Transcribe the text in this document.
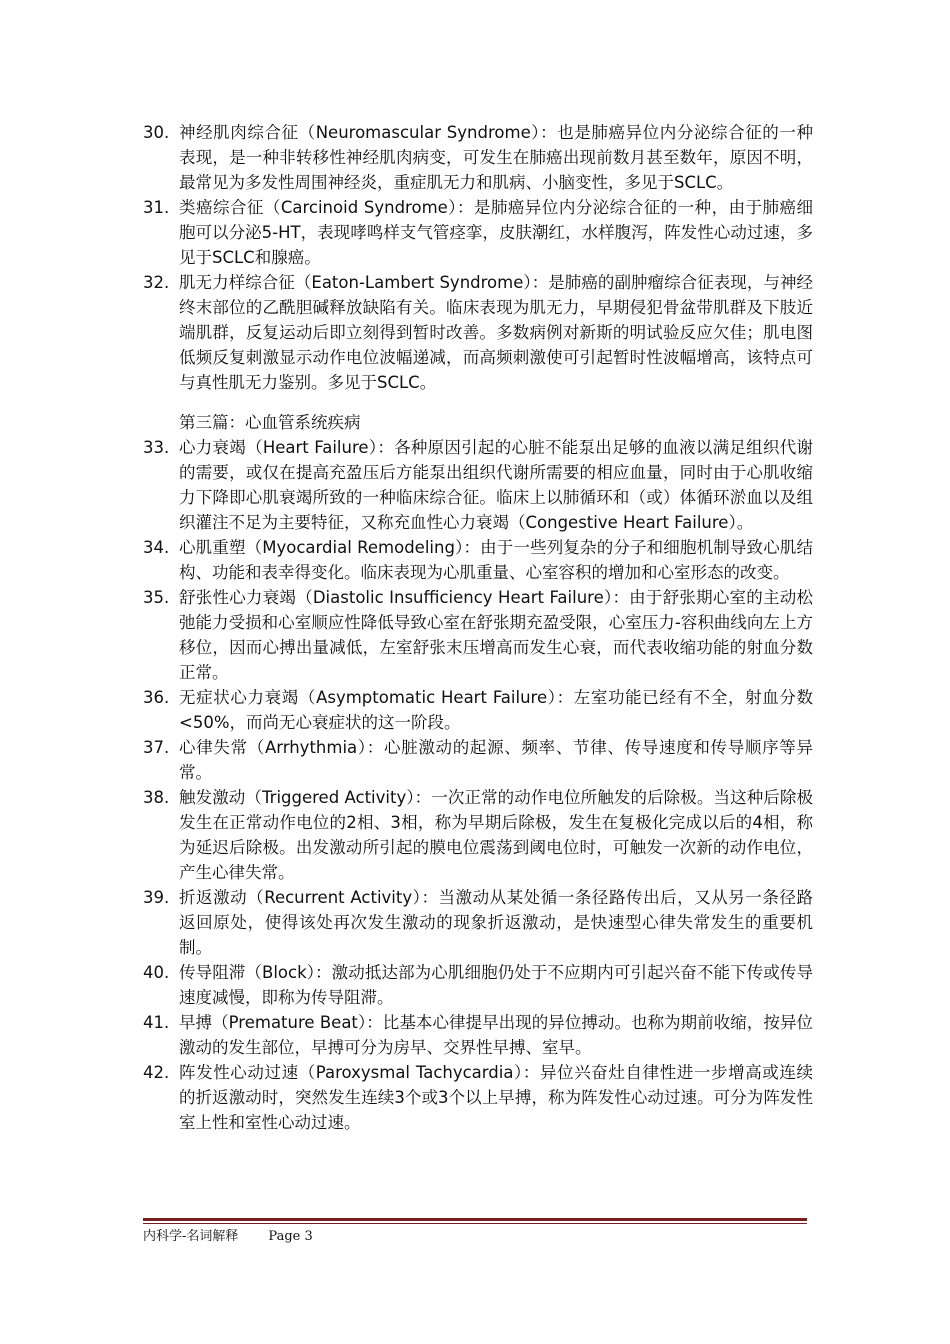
30. 神经肌肉综合征（Neuromascular Syndrome）：也是肺癌异位内分泌综合征的一种表现，是一种非转移性神经肌肉病变，可发生在肺癌出现前数月甚至数年，原因不明，最常见为多发性周围神经炎，重症肌无力和肌病、小脑变性，多见于SCLC。
31. 类癌综合征（Carcinoid Syndrome）：是肺癌异位内分泌综合征的一种，由于肺癌细胞可以分泌5-HT，表现哮鸣样支气管痉挛，皮肤潮红，水样腹泻，阵发性心动过速，多见于SCLC和腺癌。
32. 肌无力样综合征（Eaton-Lambert Syndrome）：是肺癌的副肿瘤综合征表现，与神经终末部位的乙酰胆碱释放缺陷有关。临床表现为肌无力，早期侵犯骨盆带肌群及下肢近端肌群，反复运动后即立刻得到暂时改善。多数病例对新斯的明试验反应欠佳；肌电图低频反复刺激显示动作电位波幅递减，而高频刺激使可引起暂时性波幅增高，该特点可与真性肌无力鉴别。多见于SCLC。
第三篇：心血管系统疾病
33. 心力衰竭（Heart Failure）：各种原因引起的心脏不能泵出足够的血液以满足组织代谢的需要，或仅在提高充盈压后方能泵出组织代谢所需要的相应血量，同时由于心肌收缩力下降即心肌衰竭所致的一种临床综合征。临床上以肺循环和（或）体循环淤血以及组织灌注不足为主要特征，又称充血性心力衰竭（Congestive Heart Failure）。
34. 心肌重塑（Myocardial Remodeling）：由于一些列复杂的分子和细胞机制导致心肌结构、功能和表幸得变化。临床表现为心肌重量、心室容积的增加和心室形态的改变。
35. 舒张性心力衰竭（Diastolic Insufficiency Heart Failure）：由于舒张期心室的主动松弛能力受损和心室顺应性降低导致心室在舒张期充盈受限，心室压力-容积曲线向左上方移位，因而心搏出量减低，左室舒张末压增高而发生心衰，而代表收缩功能的射血分数正常。
36. 无症状心力衰竭（Asymptomatic Heart Failure）：左室功能已经有不全，射血分数<50%，而尚无心衰症状的这一阶段。
37. 心律失常（Arrhythmia）：心脏激动的起源、频率、节律、传导速度和传导顺序等异常。
38. 触发激动（Triggered Activity）：一次正常的动作电位所触发的后除极。当这种后除极发生在正常动作电位的2相、3相，称为早期后除极，发生在复极化完成以后的4相，称为延迟后除极。出发激动所引起的膜电位震荡到阈电位时，可触发一次新的动作电位，产生心律失常。
39. 折返激动（Recurrent Activity）：当激动从某处循一条径路传出后，又从另一条径路返回原处，使得该处再次发生激动的现象折返激动，是快速型心律失常发生的重要机制。
40. 传导阻滞（Block）：激动抵达部为心肌细胞仍处于不应期内可引起兴奋不能下传或传导速度减慢，即称为传导阻滞。
41. 早搏（Premature Beat）：比基本心律提早出现的异位搏动。也称为期前收缩，按异位激动的发生部位，早搏可分为房早、交界性早搏、室早。
42. 阵发性心动过速（Paroxysmal Tachycardia）：异位兴奋灶自律性进一步增高或连续的折返激动时，突然发生连续3个或3个以上早搏，称为阵发性心动过速。可分为阵发性室上性和室性心动过速。
内科学-名词解释 Page 3
